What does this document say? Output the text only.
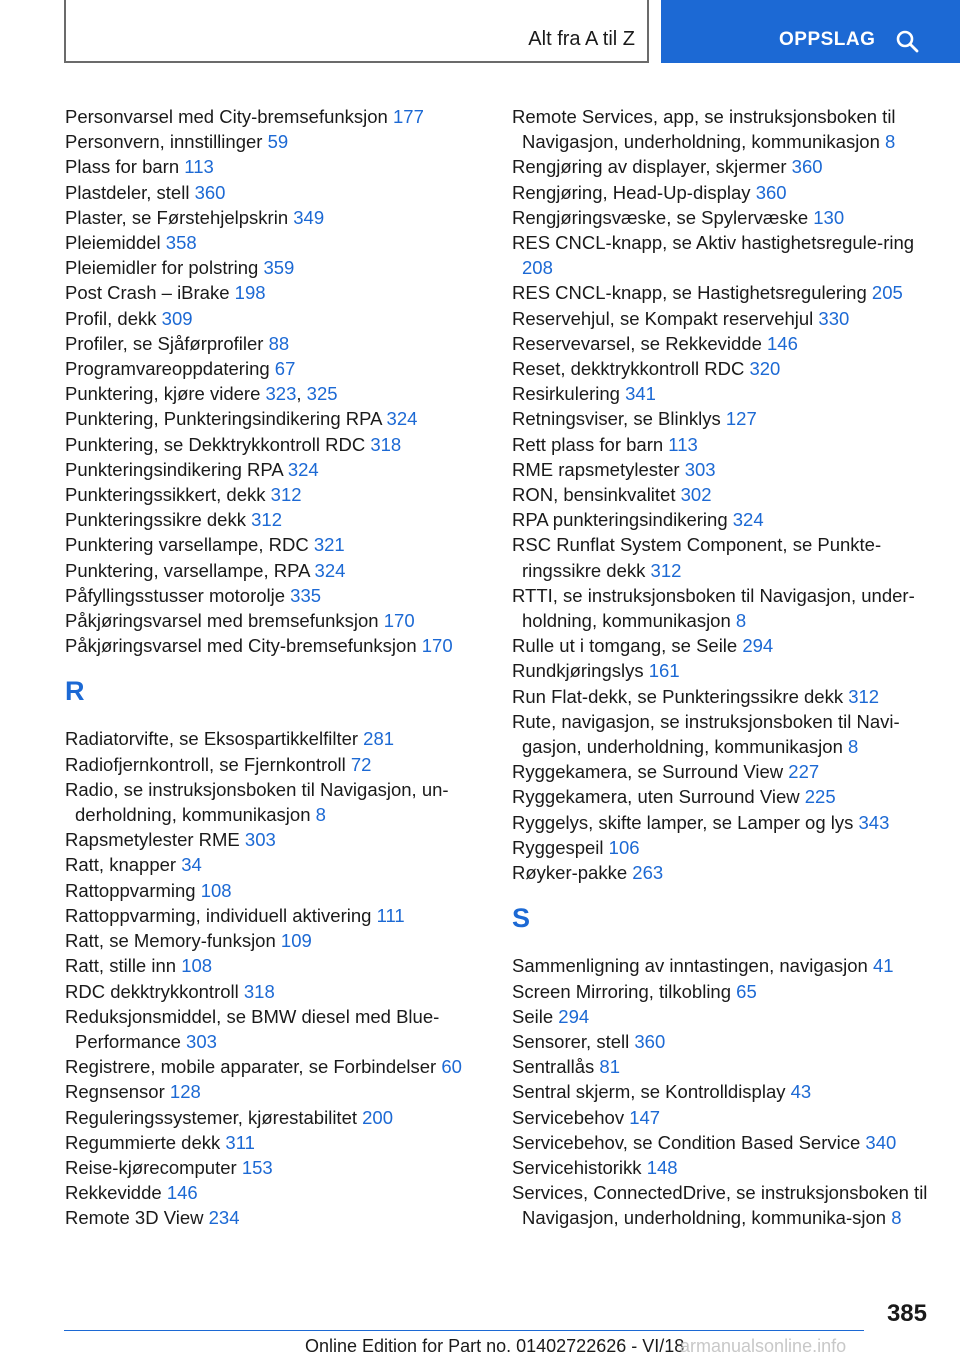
Alt fra A til Z	OPPSLAG
Personvarsel med City-bremsefunksjon 177
Personvern, innstillinger 59
Plass for barn 113
Plastdeler, stell 360
Plaster, se Førstehjelpskrin 349
Pleiemiddel 358
Pleiemidler for polstring 359
Post Crash – iBrake 198
Profil, dekk 309
Profiler, se Sjåførprofiler 88
Programvareoppdatering 67
Punktering, kjøre videre 323, 325
Punktering, Punkteringsindikering RPA 324
Punktering, se Dekktrykkontroll RDC 318
Punkteringsindikering RPA 324
Punkteringssikkert, dekk 312
Punkteringssikre dekk 312
Punktering varsellampe, RDC 321
Punktering, varsellampe, RPA 324
Påfyllingsstusser motorolje 335
Påkjøringsvarsel med bremsefunksjon 170
Påkjøringsvarsel med City-bremsefunksjon 170
R
Radiatorvifte, se Eksospartikkelfilter 281
Radiofjernkontroll, se Fjernkontroll 72
Radio, se instruksjonsboken til Navigasjon, un-derholdning, kommunikasjon 8
Rapsmetylester RME 303
Ratt, knapper 34
Rattoppvarming 108
Rattoppvarming, individuell aktivering 111
Ratt, se Memory-funksjon 109
Ratt, stille inn 108
RDC dekktrykkontroll 318
Reduksjonsmiddel, se BMW diesel med Blue-Performance 303
Registrere, mobile apparater, se Forbindelser 60
Regnsensor 128
Reguleringssystemer, kjørestabilitet 200
Regummierte dekk 311
Reise-kjørecomputer 153
Rekkevidde 146
Remote 3D View 234
Remote Services, app, se instruksjonsboken til Navigasjon, underholdning, kommunikasjon 8
Rengjøring av displayer, skjermer 360
Rengjøring, Head-Up-display 360
Rengjøringsvæske, se Spylervæske 130
RES CNCL-knapp, se Aktiv hastighetsregule-ring 208
RES CNCL-knapp, se Hastighetsregulering 205
Reservehjul, se Kompakt reservehjul 330
Reservevarsel, se Rekkevidde 146
Reset, dekktrykkontroll RDC 320
Resirkulering 341
Retningsviser, se Blinklys 127
Rett plass for barn 113
RME rapsmetylester 303
RON, bensinkvalitet 302
RPA punkteringsindikering 324
RSC Runflat System Component, se Punkte-ringssikre dekk 312
RTTI, se instruksjonsboken til Navigasjon, under-holdning, kommunikasjon 8
Rulle ut i tomgang, se Seile 294
Rundkjøringslys 161
Run Flat-dekk, se Punkteringssikre dekk 312
Rute, navigasjon, se instruksjonsboken til Navi-gasjon, underholdning, kommunikasjon 8
Ryggekamera, se Surround View 227
Ryggekamera, uten Surround View 225
Ryggelys, skifte lamper, se Lamper og lys 343
Ryggespeil 106
Røyker-pakke 263
S
Sammenligning av inntastingen, navigasjon 41
Screen Mirroring, tilkobling 65
Seile 294
Sensorer, stell 360
Sentrallås 81
Sentral skjerm, se Kontrolldisplay 43
Servicebehov 147
Servicebehov, se Condition Based Service 340
Servicehistorikk 148
Services, ConnectedDrive, se instruksjonsboken til Navigasjon, underholdning, kommunika-sjon 8
385
Online Edition for Part no. 01402722626 - VI/18
armanualsonline.info
